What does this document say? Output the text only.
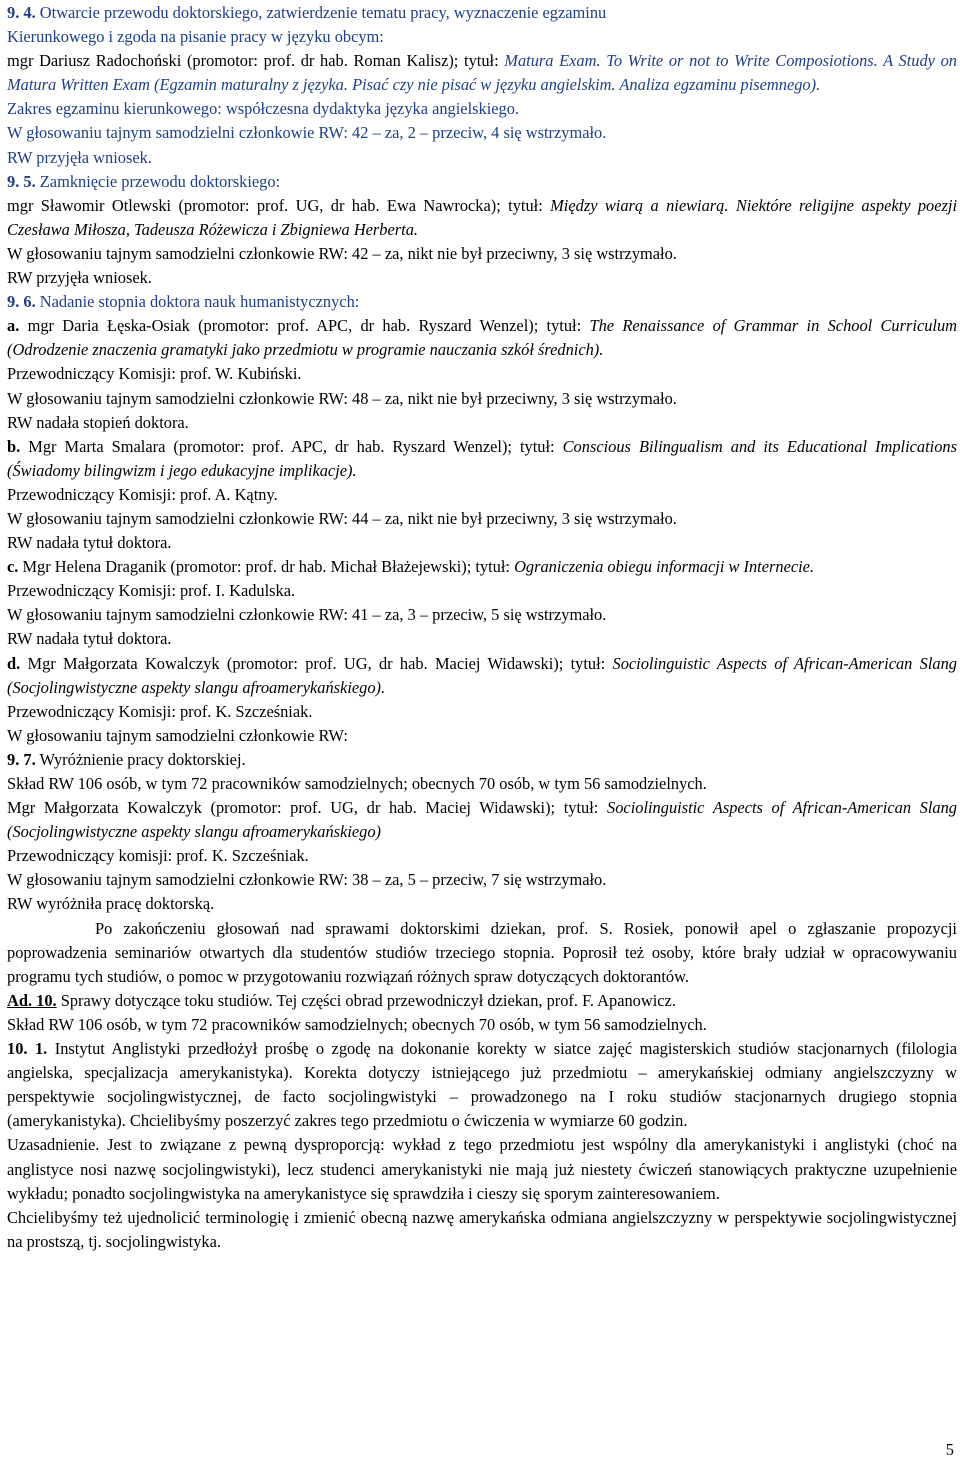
9. 4. Otwarcie przewodu doktorskiego, zatwierdzenie tematu pracy, wyznaczenie egzaminu

Kierunkowego i zgoda na pisanie pracy w języku obcym:

mgr Dariusz Radochoński (promotor: prof. dr hab. Roman Kalisz); tytuł: Matura Exam. To Write or not to Write Composiotions. A Study on Matura Written Exam (Egzamin maturalny z języka. Pisać czy nie pisać w języku angielskim. Analiza egzaminu pisemnego).

Zakres egzaminu kierunkowego: współczesna dydaktyka języka angielskiego.

W głosowaniu tajnym samodzielni członkowie RW: 42 – za, 2 – przeciw, 4 się wstrzymało.

RW przyjęła wniosek.

9. 5. Zamknięcie przewodu doktorskiego:

mgr Sławomir Otlewski (promotor: prof. UG, dr hab. Ewa Nawrocka); tytuł: Między wiarą a niewiarą. Niektóre religijne aspekty poezji Czesława Miłosza, Tadeusza Różewicza i Zbigniewa Herberta.

W głosowaniu tajnym samodzielni członkowie RW: 42 – za, nikt nie był przeciwny, 3 się wstrzymało.

RW przyjęła wniosek.

9. 6. Nadanie stopnia doktora nauk humanistycznych:

a. mgr Daria Łęska-Osiak (promotor: prof. APC, dr hab. Ryszard Wenzel); tytuł: The Renaissance of Grammar in School Curriculum (Odrodzenie znaczenia gramatyki jako przedmiotu w programie nauczania szkół średnich).

Przewodniczący Komisji: prof. W. Kubiński.

W głosowaniu tajnym samodzielni członkowie RW: 48 – za, nikt nie był przeciwny, 3 się wstrzymało.

RW nadała stopień doktora.

b. Mgr Marta Smalara (promotor: prof. APC, dr hab. Ryszard Wenzel); tytuł: Conscious Bilingualism and its Educational Implications (Świadomy bilingwizm i jego edukacyjne implikacje).

Przewodniczący Komisji: prof. A. Kątny.

W głosowaniu tajnym samodzielni członkowie RW: 44 – za, nikt nie był przeciwny, 3 się wstrzymało.

RW nadała tytuł doktora.

c. Mgr Helena Draganik (promotor: prof. dr hab. Michał Błażejewski); tytuł: Ograniczenia obiegu informacji w Internecie.

Przewodniczący Komisji: prof. I. Kadulska.

W głosowaniu tajnym samodzielni członkowie RW: 41 – za, 3 – przeciw, 5 się wstrzymało.

RW nadała tytuł doktora.

d. Mgr Małgorzata Kowalczyk (promotor: prof. UG, dr hab. Maciej Widawski); tytuł: Sociolinguistic Aspects of African-American Slang (Socjolingwistyczne aspekty slangu afroamerykańskiego).

Przewodniczący Komisji: prof. K. Szcześniak.

W głosowaniu tajnym samodzielni członkowie RW:

9. 7. Wyróżnienie pracy doktorskiej.

Skład RW 106 osób, w tym 72 pracowników samodzielnych; obecnych 70 osób, w tym 56 samodzielnych.

Mgr Małgorzata Kowalczyk (promotor: prof. UG, dr hab. Maciej Widawski); tytuł: Sociolinguistic Aspects of African-American Slang (Socjolingwistyczne aspekty slangu afroamerykańskiego)

Przewodniczący komisji: prof. K. Szcześniak.

W głosowaniu tajnym samodzielni członkowie RW: 38 – za, 5 – przeciw, 7 się wstrzymało.

RW wyróżniła pracę doktorską.

Po zakończeniu głosowań nad sprawami doktorskimi dziekan, prof. S. Rosiek, ponowił apel o zgłaszanie propozycji poprowadzenia seminariów otwartych dla studentów studiów trzeciego stopnia. Poprosił też osoby, które brały udział w opracowywaniu programu tych studiów, o pomoc w przygotowaniu rozwiązań różnych spraw dotyczących doktorantów.

Ad. 10. Sprawy dotyczące toku studiów. Tej części obrad przewodniczył dziekan, prof. F. Apanowicz.

Skład RW 106 osób, w tym 72 pracowników samodzielnych; obecnych 70 osób, w tym 56 samodzielnych.

10. 1. Instytut Anglistyki przedłożył prośbę o zgodę na dokonanie korekty w siatce zajęć magisterskich studiów stacjonarnych (filologia angielska, specjalizacja amerykanistyka). Korekta dotyczy istniejącego już przedmiotu – amerykańskiej odmiany angielszczyzny w perspektywie socjolingwistycznej, de facto socjolingwistyki – prowadzonego na I roku studiów stacjonarnych drugiego stopnia (amerykanistyka). Chcielibyśmy poszerzyć zakres tego przedmiotu o ćwiczenia w wymiarze 60 godzin.

Uzasadnienie. Jest to związane z pewną dysproporcją: wykład z tego przedmiotu jest wspólny dla amerykanistyki i anglistyki (choć na anglistyce nosi nazwę socjolingwistyki), lecz studenci amerykanistyki nie mają już niestety ćwiczeń stanowiących praktyczne uzupełnienie wykładu; ponadto socjolingwistyka na amerykanistyce się sprawdziła i cieszy się sporym zainteresowaniem.

Chcielibyśmy też ujednolicić terminologię i zmienić obecną nazwę amerykańska odmiana angielszczyzny w perspektywie socjolingwistycznej na prostszą, tj. socjolingwistyka.

5
